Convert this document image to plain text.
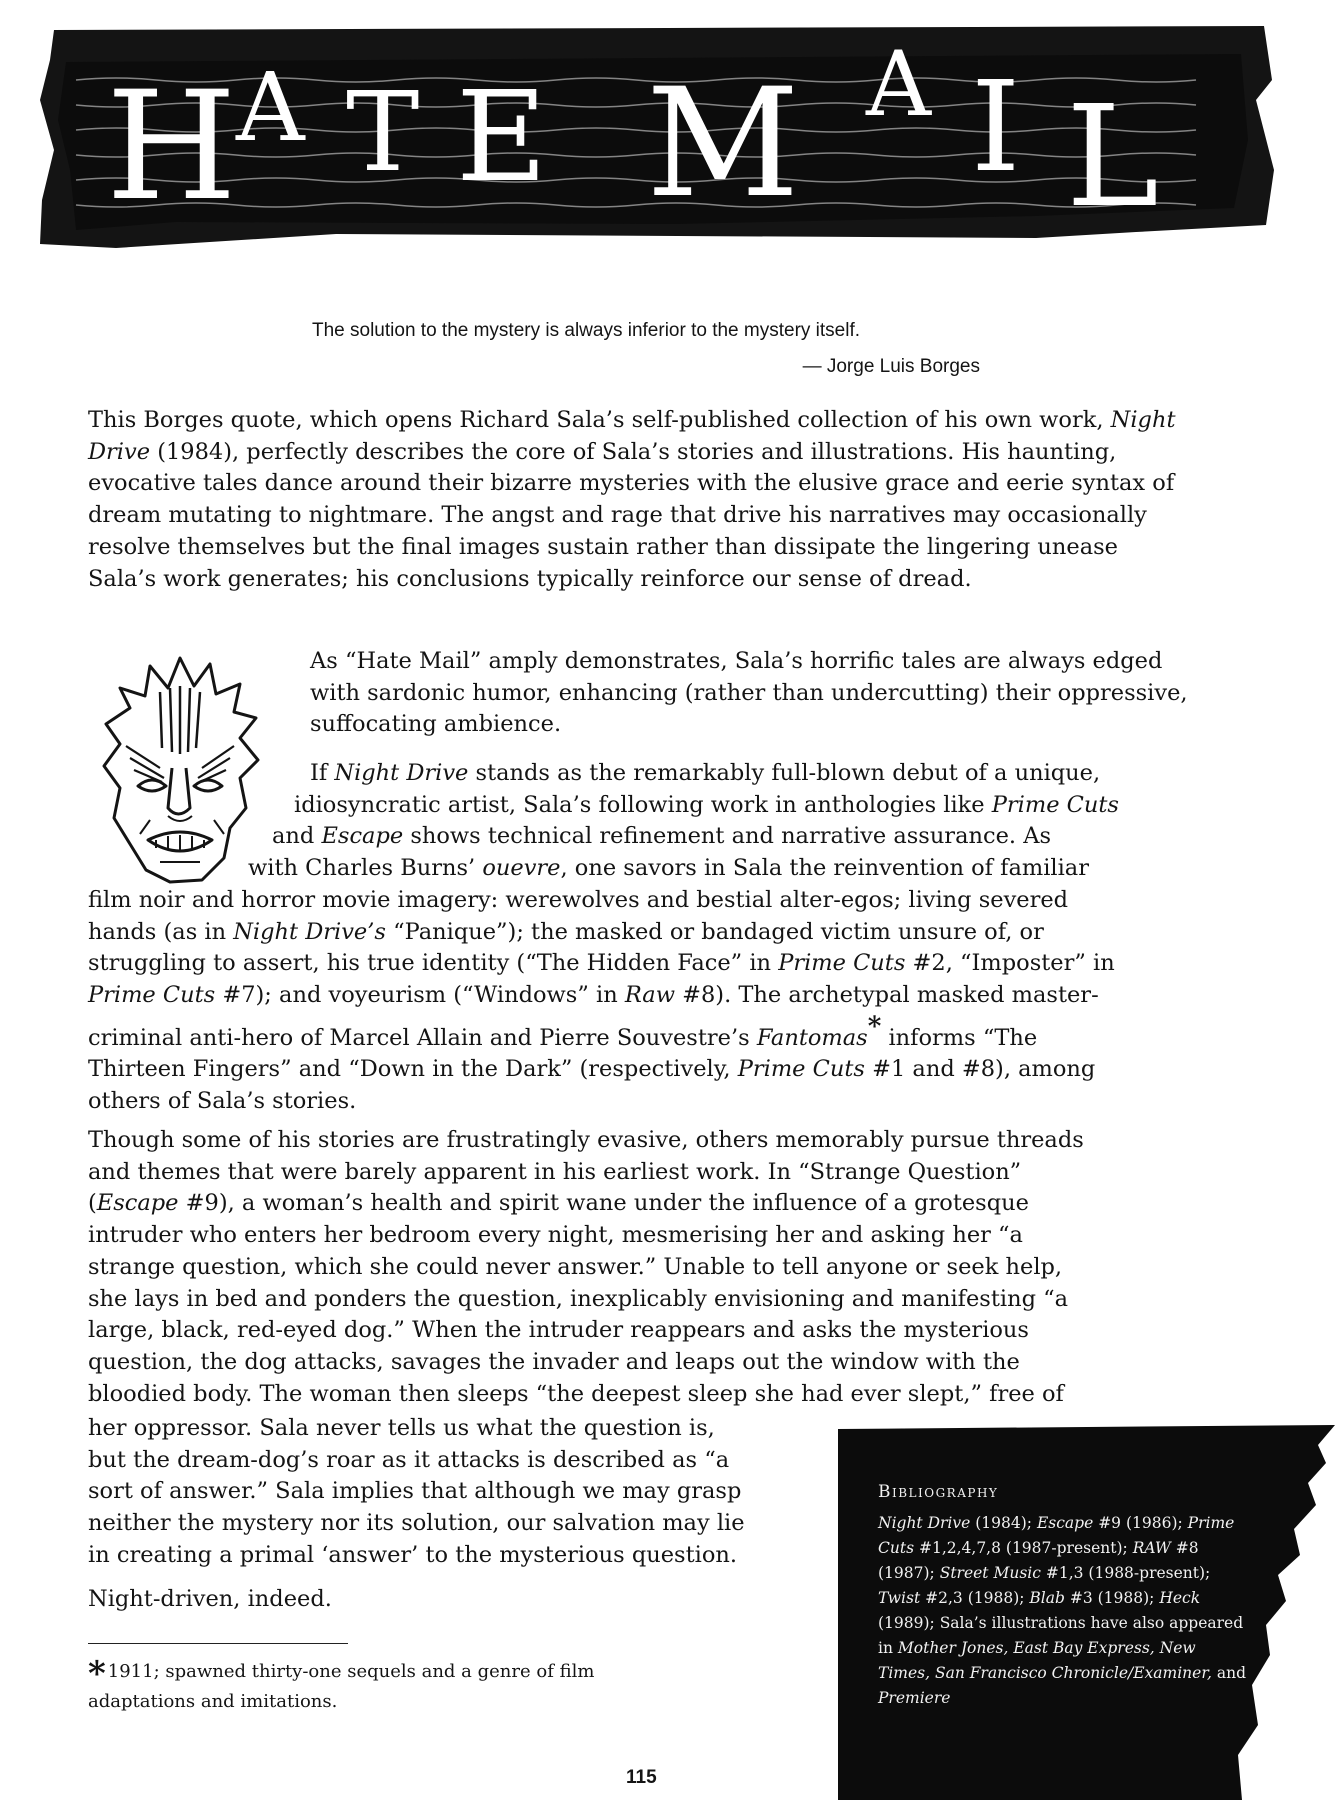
H A T E M A I L
The solution to the mystery is always inferior to the mystery itself.
— Jorge Luis Borges

This Borges quote, which opens Richard Sala’s self-published collection of his own work, Night Drive (1984), perfectly describes the core of Sala’s stories and illustrations. His haunting, evocative tales dance around their bizarre mysteries with the elusive grace and eerie syntax of dream mutating to nightmare. The angst and rage that drive his narratives may occasionally resolve themselves but the final images sustain rather than dissipate the lingering unease Sala’s work generates; his conclusions typically reinforce our sense of dread.

As “Hate Mail” amply demonstrates, Sala’s horrific tales are always edged with sardonic humor, enhancing (rather than undercutting) their oppressive, suffocating ambience.

If Night Drive stands as the remarkably full-blown debut of a unique,
idiosyncratic artist, Sala’s following work in anthologies like Prime Cuts
and Escape shows technical refinement and narrative assurance. As
with Charles Burns’ ouevre, one savors in Sala the reinvention of familiar
film noir and horror movie imagery: werewolves and bestial alter-egos; living severed
hands (as in Night Drive’s “Panique”); the masked or bandaged victim unsure of, or
struggling to assert, his true identity (“The Hidden Face” in Prime Cuts #2, “Imposter” in
Prime Cuts #7); and voyeurism (“Windows” in Raw #8). The archetypal masked master-
criminal anti-hero of Marcel Allain and Pierre Souvestre’s Fantomas* informs “The
Thirteen Fingers” and “Down in the Dark” (respectively, Prime Cuts #1 and #8), among
others of Sala’s stories.

Though some of his stories are frustratingly evasive, others memorably pursue threads
and themes that were barely apparent in his earliest work. In “Strange Question”
(Escape #9), a woman’s health and spirit wane under the influence of a grotesque
intruder who enters her bedroom every night, mesmerising her and asking her “a
strange question, which she could never answer.” Unable to tell anyone or seek help,
she lays in bed and ponders the question, inexplicably envisioning and manifesting “a
large, black, red-eyed dog.” When the intruder reappears and asks the mysterious
question, the dog attacks, savages the invader and leaps out the window with the
bloodied body. The woman then sleeps “the deepest sleep she had ever slept,” free of

her oppressor. Sala never tells us what the question is,
but the dream-dog’s roar as it attacks is described as “a
sort of answer.” Sala implies that although we may grasp
neither the mystery nor its solution, our salvation may lie
in creating a primal ‘answer’ to the mysterious question.

Night-driven, indeed.

* 1911; spawned thirty-one sequels and a genre of film adaptations and imitations.
Bibliography
Night Drive (1984); Escape #9 (1986); Prime Cuts #1,2,4,7,8 (1987-present); RAW #8 (1987); Street Music #1,3 (1988-present); Twist #2,3 (1988); Blab #3 (1988); Heck (1989); Sala’s illustrations have also appeared in Mother Jones, East Bay Express, New Times, San Francisco Chronicle/Examiner, and Premiere
115
